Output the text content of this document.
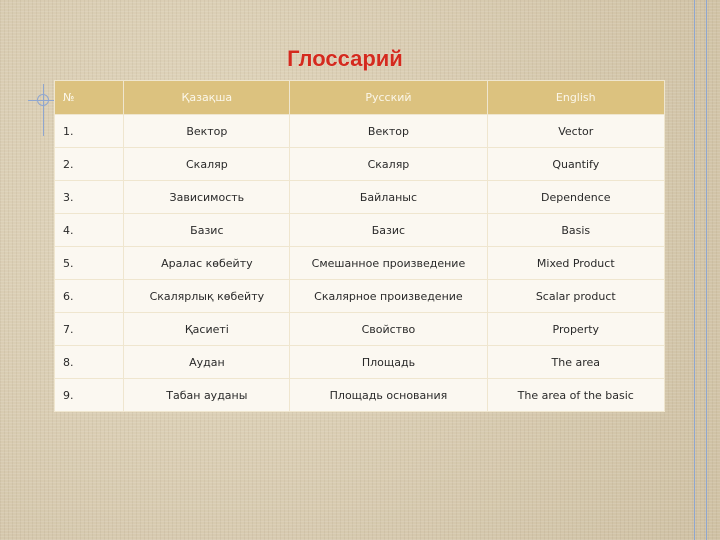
Глоссарий
№	Қазақша	Русский	English
1.	Вектор	Вектор	Vector
2.	Скаляр	Скаляр	Quantify
3.	Зависимость	Байланыс	Dependence
4.	Базис	Базис	Basis
5.	Аралас көбейту	Смешанное произведение	Mixed Product
6.	Скалярлық көбейту	Скалярное произведение	Scalar product
7.	Қасиеті	Свойство	Property
8.	Аудан	Площадь	The area
9.	Табан ауданы	Площадь основания	The area of the basic
